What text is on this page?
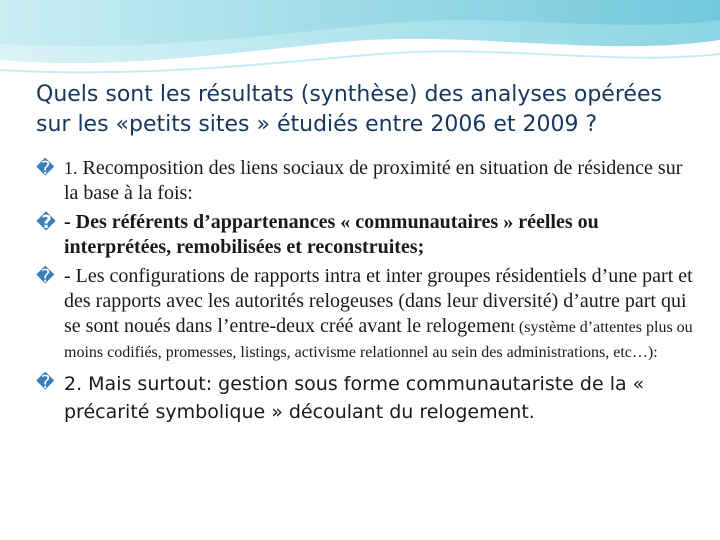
Quels sont les résultats (synthèse) des analyses opérées sur les «petits sites » étudiés entre 2006 et 2009 ?

� 1. Recomposition des liens sociaux de proximité en situation de résidence sur la base à la fois:

� - Des référents d’appartenances « communautaires » réelles ou interprétées, remobilisées et reconstruites;

� - Les configurations de rapports intra et inter groupes résidentiels d’une part et des rapports avec les autorités relogeuses (dans leur diversité) d’autre part qui se sont noués dans l’entre-deux créé avant le relogement (système d’attentes plus ou moins codifiés, promesses, listings, activisme relationnel au sein des administrations, etc…):

� 2. Mais surtout: gestion sous forme communautariste de la « précarité symbolique » découlant du relogement.
